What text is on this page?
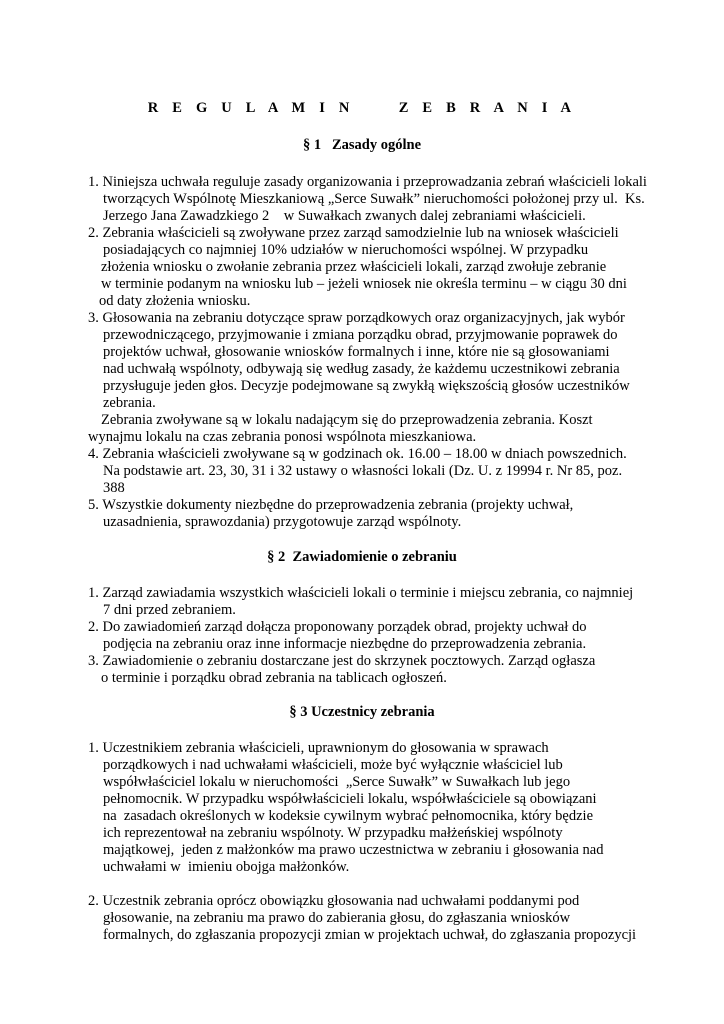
R E G U L A M I N     Z E B R A N I A
§ 1   Zasady ogólne
1. Niniejsza uchwała reguluje zasady organizowania i przeprowadzania zebrań właścicieli lokali
tworzących Wspólnotę Mieszkaniową „Serce Suwałk” nieruchomości położonej przy ul.  Ks.
Jerzego Jana Zawadzkiego 2    w Suwałkach zwanych dalej zebraniami właścicieli.
2. Zebrania właścicieli są zwoływane przez zarząd samodzielnie lub na wniosek właścicieli
posiadających co najmniej 10% udziałów w nieruchomości wspólnej. W przypadku
złożenia wniosku o zwołanie zebrania przez właścicieli lokali, zarząd zwołuje zebranie
w terminie podanym na wniosku lub – jeżeli wniosek nie określa terminu – w ciągu 30 dni
od daty złożenia wniosku.
3. Głosowania na zebraniu dotyczące spraw porządkowych oraz organizacyjnych, jak wybór
przewodniczącego, przyjmowanie i zmiana porządku obrad, przyjmowanie poprawek do
projektów uchwał, głosowanie wniosków formalnych i inne, które nie są głosowaniami
nad uchwałą wspólnoty, odbywają się według zasady, że każdemu uczestnikowi zebrania
przysługuje jeden głos. Decyzje podejmowane są zwykłą większością głosów uczestników
zebrania.
Zebrania zwoływane są w lokalu nadającym się do przeprowadzenia zebrania. Koszt
wynajmu lokalu na czas zebrania ponosi wspólnota mieszkaniowa.
4. Zebrania właścicieli zwoływane są w godzinach ok. 16.00 – 18.00 w dniach powszednich.
Na podstawie art. 23, 30, 31 i 32 ustawy o własności lokali (Dz. U. z 19994 r. Nr 85, poz.
388
5. Wszystkie dokumenty niezbędne do przeprowadzenia zebrania (projekty uchwał,
uzasadnienia, sprawozdania) przygotowuje zarząd wspólnoty.
§ 2  Zawiadomienie o zebraniu
1. Zarząd zawiadamia wszystkich właścicieli lokali o terminie i miejscu zebrania, co najmniej
7 dni przed zebraniem.
2. Do zawiadomień zarząd dołącza proponowany porządek obrad, projekty uchwał do
podjęcia na zebraniu oraz inne informacje niezbędne do przeprowadzenia zebrania.
3. Zawiadomienie o zebraniu dostarczane jest do skrzynek pocztowych. Zarząd ogłasza
o terminie i porządku obrad zebrania na tablicach ogłoszeń.
§ 3 Uczestnicy zebrania
1. Uczestnikiem zebrania właścicieli, uprawnionym do głosowania w sprawach
porządkowych i nad uchwałami właścicieli, może być wyłącznie właściciel lub
współwłaściciel lokalu w nieruchomości  „Serce Suwałk” w Suwałkach lub jego
pełnomocnik. W przypadku współwłaścicieli lokalu, współwłaściciele są obowiązani
na  zasadach określonych w kodeksie cywilnym wybrać pełnomocnika, który będzie
ich reprezentował na zebraniu wspólnoty. W przypadku małżeńskiej wspólnoty
majątkowej,  jeden z małżonków ma prawo uczestnictwa w zebraniu i głosowania nad
uchwałami w  imieniu obojga małżonków.
2. Uczestnik zebrania oprócz obowiązku głosowania nad uchwałami poddanymi pod
głosowanie, na zebraniu ma prawo do zabierania głosu, do zgłaszania wniosków
formalnych, do zgłaszania propozycji zmian w projektach uchwał, do zgłaszania propozycji
